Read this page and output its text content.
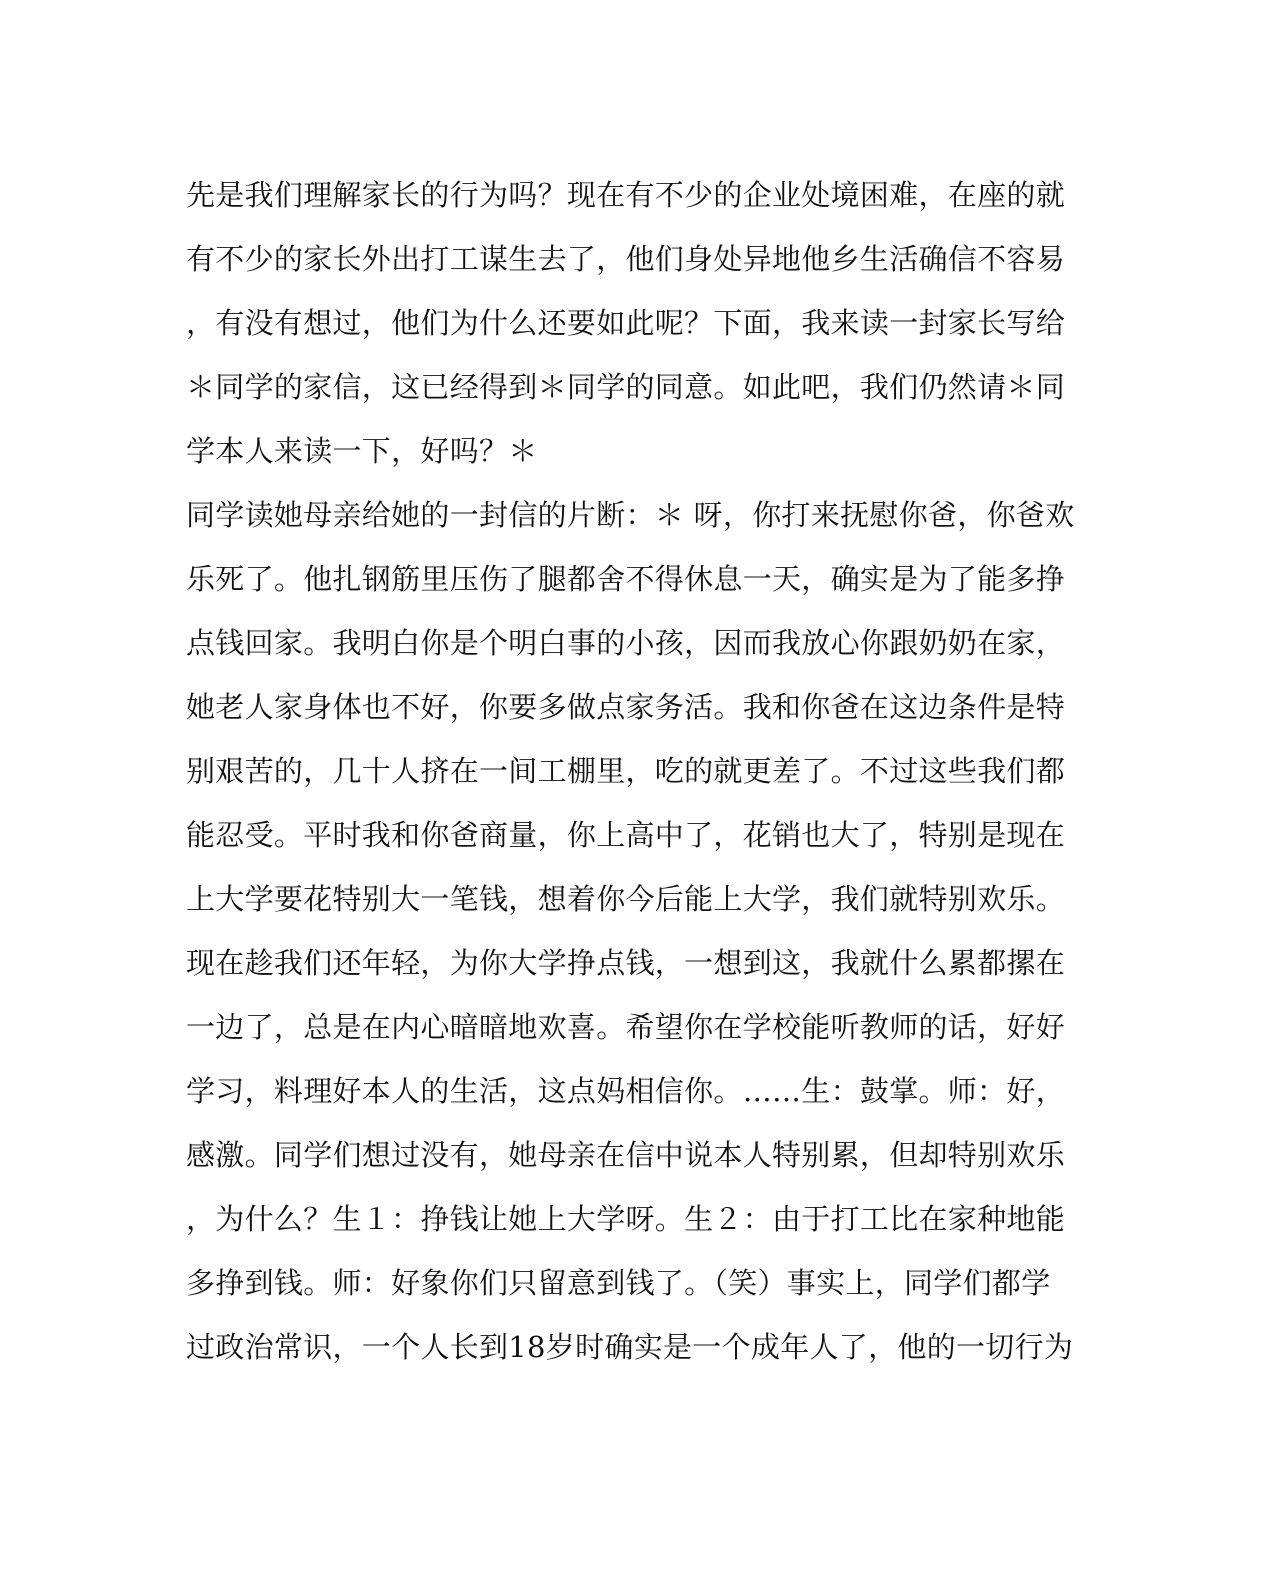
先是我们理解家长的行为吗？现在有不少的企业处境困难，在座的就
有不少的家长外出打工谋生去了，他们身处异地他乡生活确信不容易
，有没有想过，他们为什么还要如此呢？下面，我来读一封家长写给
＊同学的家信，这已经得到＊同学的同意。如此吧，我们仍然请＊同
学本人来读一下，好吗？＊
同学读她母亲给她的一封信的片断：＊ 呀，你打来抚慰你爸，你爸欢
乐死了。他扎钢筋里压伤了腿都舍不得休息一天，确实是为了能多挣
点钱回家。我明白你是个明白事的小孩，因而我放心你跟奶奶在家，
她老人家身体也不好，你要多做点家务活。我和你爸在这边条件是特
别艰苦的，几十人挤在一间工棚里，吃的就更差了。不过这些我们都
能忍受。平时我和你爸商量，你上高中了，花销也大了，特别是现在
上大学要花特别大一笔钱，想着你今后能上大学，我们就特别欢乐。
现在趁我们还年轻，为你大学挣点钱，一想到这，我就什么累都摞在
一边了，总是在内心暗暗地欢喜。希望你在学校能听教师的话，好好
学习，料理好本人的生活，这点妈相信你。……生：鼓掌。师：好，
感激。同学们想过没有，她母亲在信中说本人特别累，但却特别欢乐
，为什么？生１：挣钱让她上大学呀。生２：由于打工比在家种地能
多挣到钱。师：好象你们只留意到钱了。（笑）事实上，同学们都学
过政治常识，一个人长到18岁时确实是一个成年人了，他的一切行为
